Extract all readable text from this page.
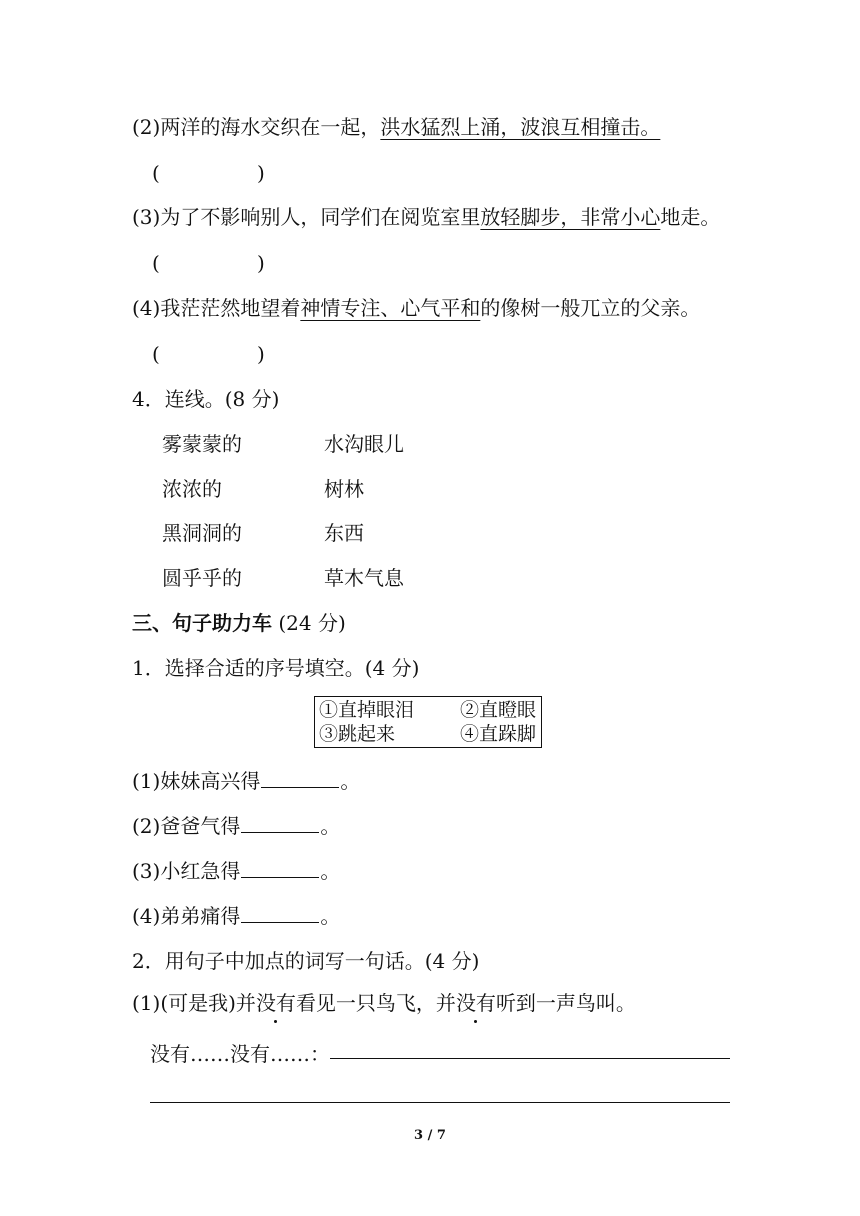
(2)两洋的海水交织在一起，洪水猛烈上涌，波浪互相撞击。
(	)
(3)为了不影响别人，同学们在阅览室里放轻脚步，非常小心地走。
(	)
(4)我茫茫然地望着神情专注、心气平和的像树一般兀立的父亲。
(	)
4．连线。(8 分)
雾蒙蒙的	水沟眼儿
浓浓的	树林
黑洞洞的	东西
圆乎乎的	草木气息
三、句子助力车 (24 分)
1．选择合适的序号填空。(4 分)
①直掉眼泪 ②直瞪眼
③跳起来	④直跺脚
(1)妹妹高兴得	。
(2)爸爸气得	。
(3)小红急得	。
(4)弟弟痛得	。
2．用句子中加点的词写一句话。(4 分)
(1)(可是我)并没有看见一只鸟飞，并没有听到一声鸟叫。
没有……没有……：
3 / 7
